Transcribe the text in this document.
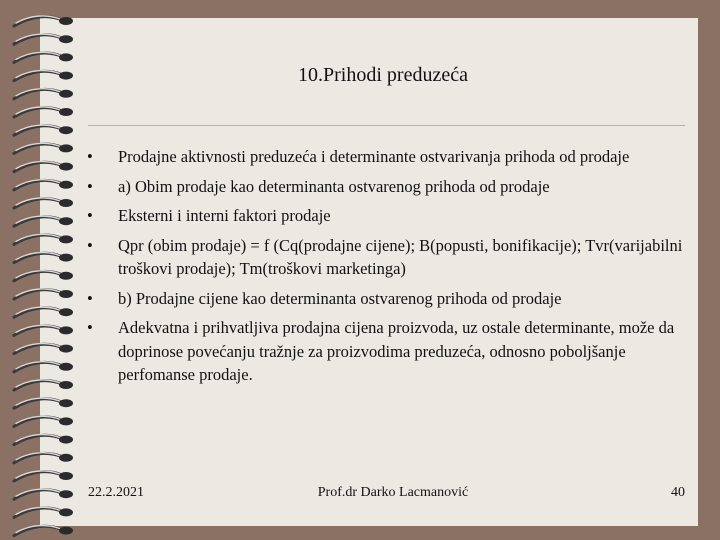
10.Prihodi preduzeća
• Prodajne aktivnosti preduzeća i determinante ostvarivanja prihoda od prodaje
• a) Obim prodaje kao determinanta ostvarenog prihoda od prodaje
• Eksterni i interni faktori prodaje
• Qpr (obim prodaje) = f (Cq(prodajne cijene); B(popusti, bonifikacije); Tvr(varijabilni troškovi prodaje); Tm(troškovi marketinga)
• b) Prodajne cijene kao determinanta ostvarenog prihoda od prodaje
• Adekvatna i prihvatljiva prodajna cijena proizvoda, uz ostale determinante, može da doprinose povećanju tražnje za proizvodima preduzeća, odnosno poboljšanje perfomanse prodaje.
22.2.2021	Prof.dr Darko Lacmanović	40
